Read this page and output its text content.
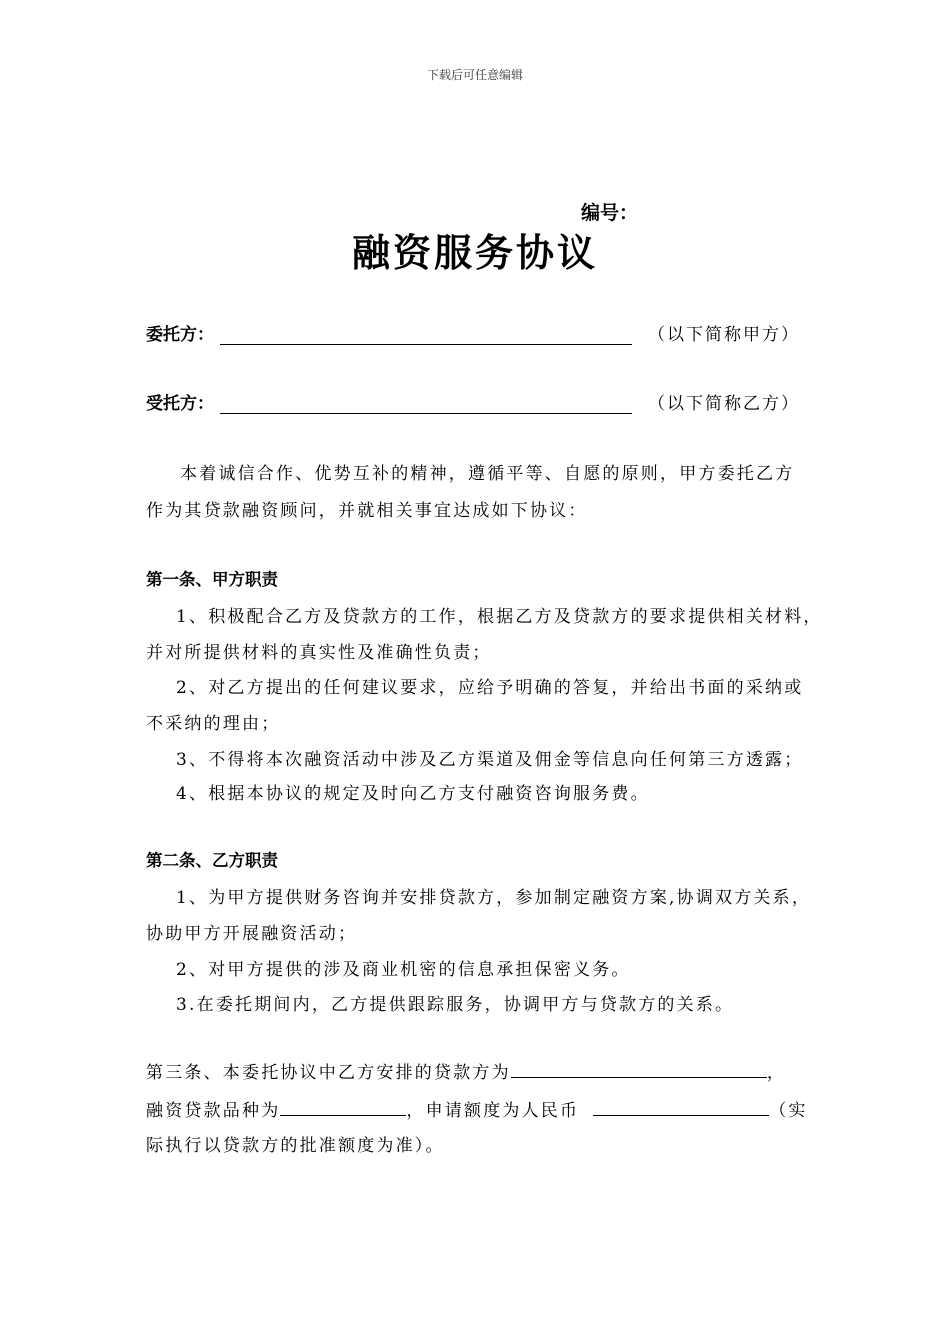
下载后可任意编辑
编号：
融资服务协议
委托方：	（以下简称甲方）
受托方：	（以下简称乙方）
本着诚信合作、优势互补的精神，遵循平等、自愿的原则，甲方委托乙方
作为其贷款融资顾问，并就相关事宜达成如下协议：
第一条、甲方职责
1、积极配合乙方及贷款方的工作，根据乙方及贷款方的要求提供相关材料，
并对所提供材料的真实性及准确性负责；
2、对乙方提出的任何建议要求，应给予明确的答复，并给出书面的采纳或
不采纳的理由；
3、不得将本次融资活动中涉及乙方渠道及佣金等信息向任何第三方透露；
4、根据本协议的规定及时向乙方支付融资咨询服务费。
第二条、乙方职责
1、为甲方提供财务咨询并安排贷款方，参加制定融资方案,协调双方关系，
协助甲方开展融资活动；
2、对甲方提供的涉及商业机密的信息承担保密义务。
3.在委托期间内，乙方提供跟踪服务，协调甲方与贷款方的关系。
第三条、本委托协议中乙方安排的贷款方为	，
融资贷款品种为	，申请额度为人民币	（实
际执行以贷款方的批准额度为准）。
